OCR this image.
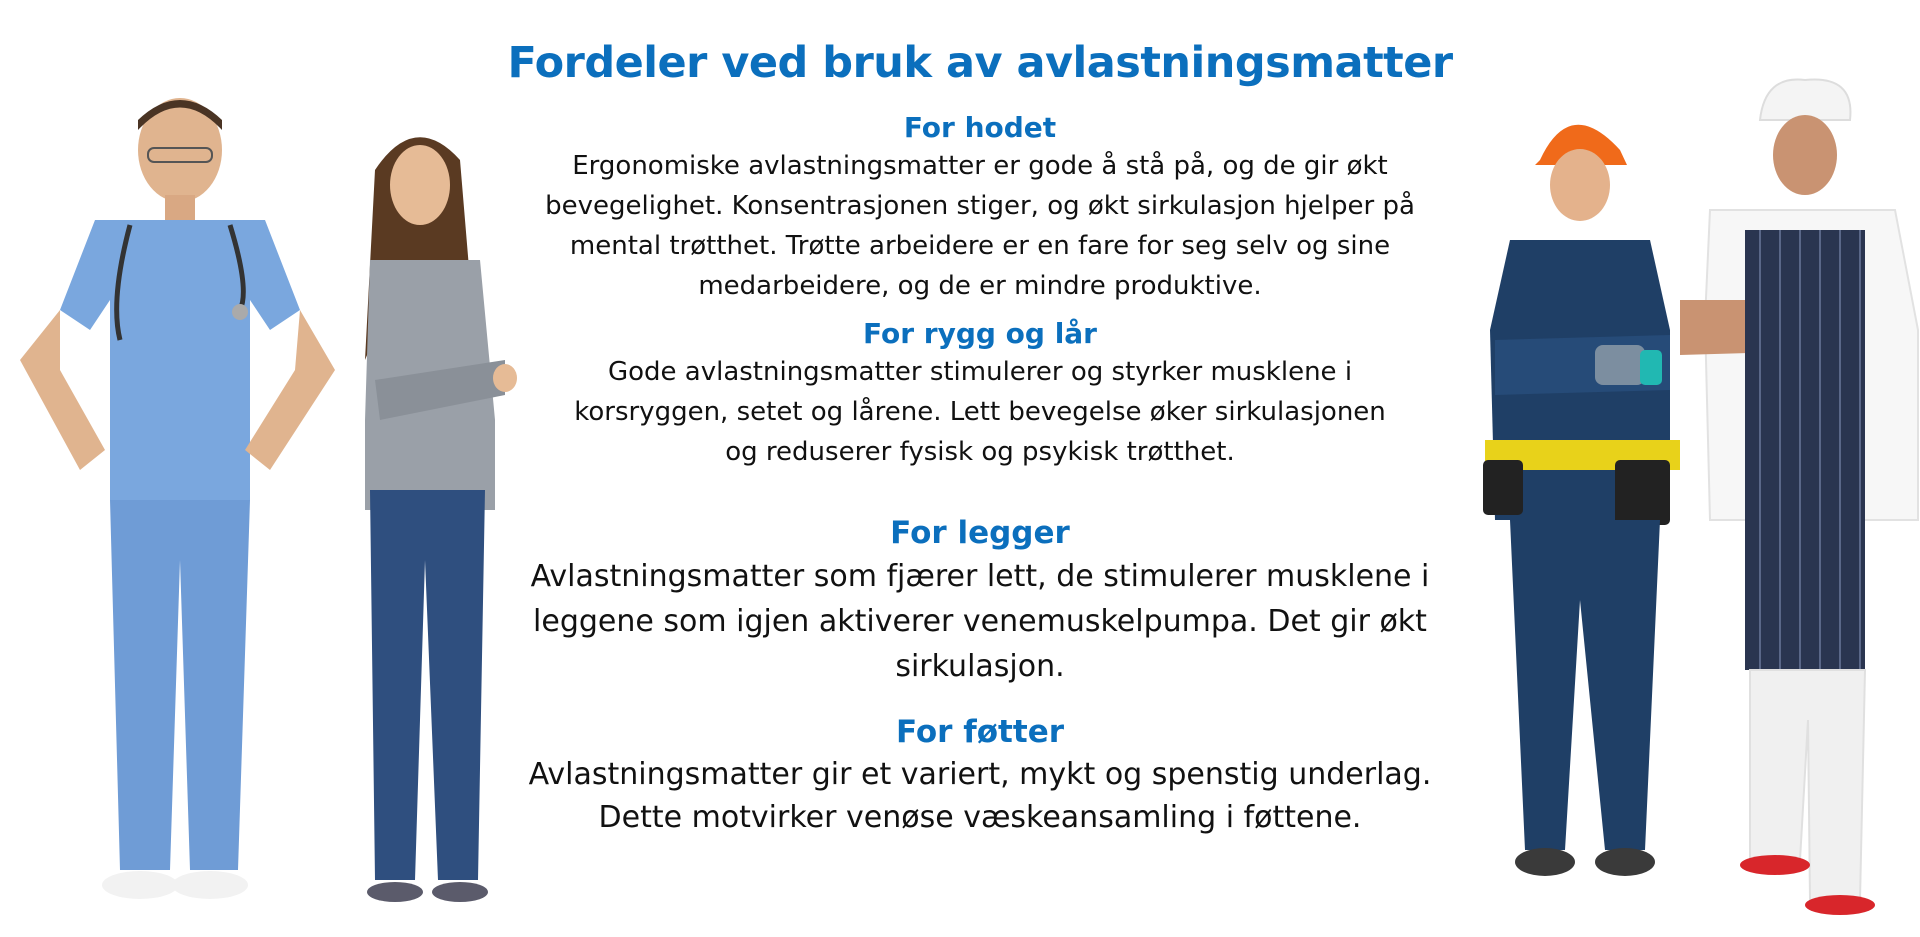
Fordeler ved bruk av avlastningsmatter
For hodet
Ergonomiske avlastningsmatter er gode å stå på, og de gir økt bevegelighet. Konsentrasjonen stiger, og økt sirkulasjon hjelper på mental trøtthet. Trøtte arbeidere er en fare for seg selv og sine medarbeidere, og de er mindre produktive.
For rygg og lår
Gode avlastningsmatter stimulerer og styrker musklene i korsryggen, setet og lårene. Lett bevegelse øker sirkulasjonen og reduserer fysisk og psykisk trøtthet.
For legger
Avlastningsmatter som fjærer lett, de stimulerer musklene i leggene som igjen aktiverer venemuskelpumpa. Det gir økt sirkulasjon.
For føtter
Avlastningsmatter gir et variert, mykt og spenstig underlag. Dette motvirker venøse væskeansamling i føttene.
